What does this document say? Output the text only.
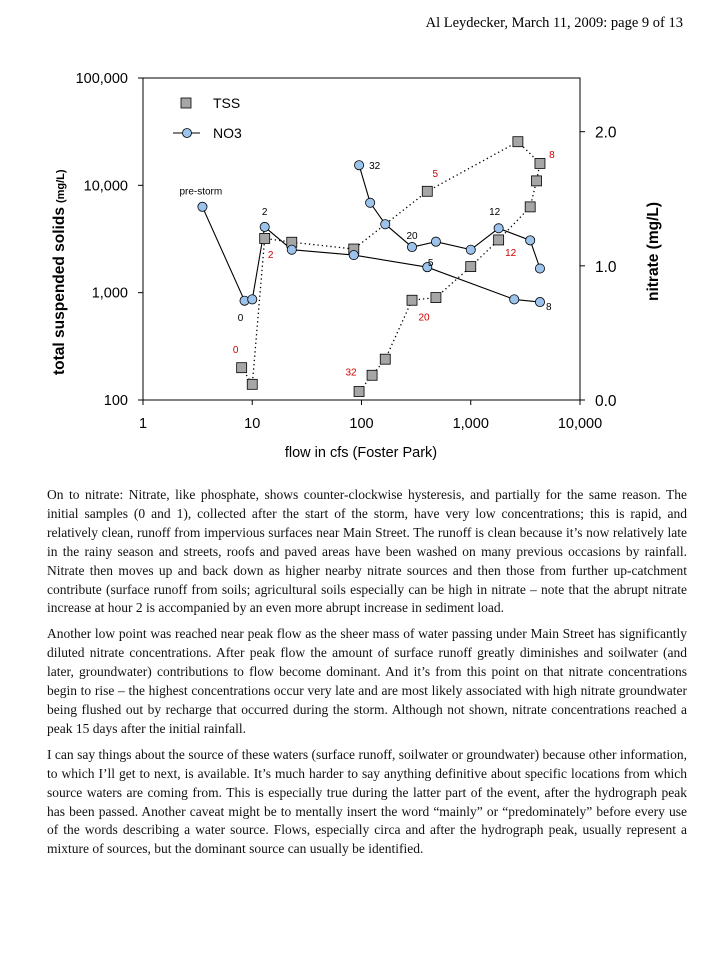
Al Leydecker, March 11, 2009: page 9 of 13
1	10	100	1,000	10,000
100
1,000
10,000
100,000
0.0
1.0
2.0
pre-storm
0
2
32
20
5
12
8
0
2
32
20
5
12
8
TSS
NO3
flow in cfs (Foster Park)
total suspended solids(mg/L)
nitrate (mg/L)

On to nitrate: Nitrate, like phosphate, shows counter-clockwise hysteresis, and partially for the same reason. The initial samples (0 and 1), collected after the start of the storm, have very low concentrations; this is rapid, and relatively clean, runoff from impervious surfaces near Main Street. The runoff is clean because it’s now relatively late in the rainy season and streets, roofs and paved areas have been washed on many previous occasions by rainfall. Nitrate then moves up and back down as higher nearby nitrate sources and then those from further up-catchment contribute (surface runoff from soils; agricultural soils especially can be high in nitrate – note that the abrupt nitrate increase at hour 2 is accompanied by an even more abrupt increase in sediment load.

Another low point was reached near peak flow as the sheer mass of water passing under Main Street has significantly diluted nitrate concentrations. After peak flow the amount of surface runoff greatly diminishes and soilwater (and later, groundwater) contributions to flow become dominant. And it’s from this point on that nitrate concentrations begin to rise – the highest concentrations occur very late and are most likely associated with high nitrate groundwater being flushed out by recharge that occurred during the storm. Although not shown, nitrate concentrations reached a peak 15 days after the initial rainfall.

I can say things about the source of these waters (surface runoff, soilwater or groundwater) because other information, to which I’ll get to next, is available. It’s much harder to say anything definitive about specific locations from which source waters are coming from. This is especially true during the latter part of the event, after the hydrograph peak has been passed. Another caveat might be to mentally insert the word “mainly” or “predominately” before every use of the words describing a water source. Flows, especially circa and after the hydrograph peak, usually represent a mixture of sources, but the dominant source can usually be identified.
